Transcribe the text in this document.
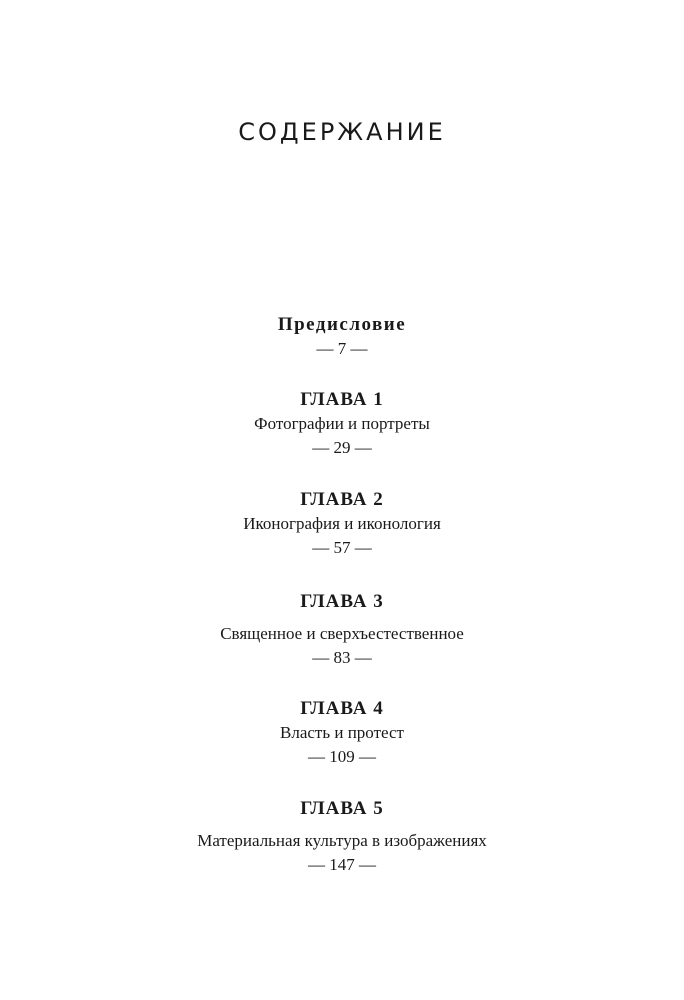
СОДЕРЖАНИЕ
Предисловие
— 7 —
ГЛАВА 1
Фотографии и портреты
— 29 —
ГЛАВА 2
Иконография и иконология
— 57 —
ГЛАВА 3
Священное и сверхъестественное
— 83 —
ГЛАВА 4
Власть и протест
— 109 —
ГЛАВА 5
Материальная культура в изображениях
— 147 —
